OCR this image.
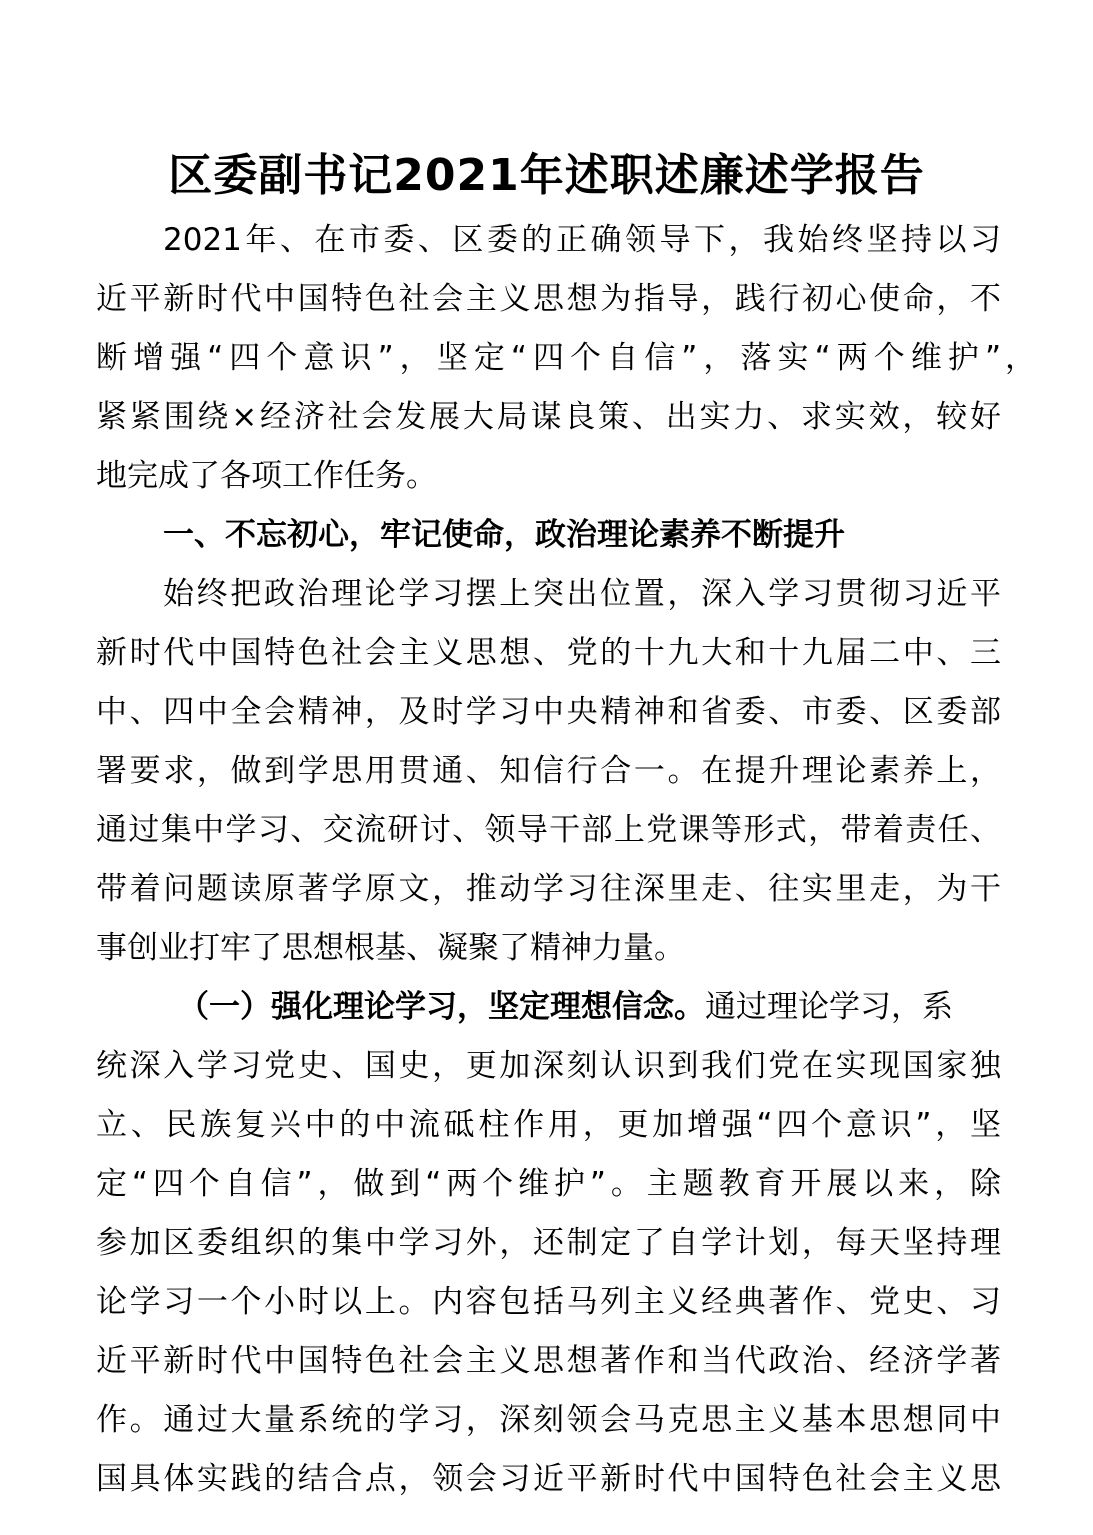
区委副书记2021年述职述廉述学报告
2021年、在市委、区委的正确领导下，我始终坚持以习
近平新时代中国特色社会主义思想为指导，践行初心使命，不
断增强“四个意识”，坚定“四个自信”，落实“两个维护” ，
紧紧围绕×经济社会发展大局谋良策、出实力、求实效，较好
地完成了各项工作任务。
一、不忘初心，牢记使命，政治理论素养不断提升
始终把政治理论学习摆上突出位置，深入学习贯彻习近平
新时代中国特色社会主义思想、党的十九大和十九届二中、三
中、四中全会精神，及时学习中央精神和省委、市委、区委部
署要求，做到学思用贯通、知信行合一。在提升理论素养上，
通过集中学习、交流研讨、领导干部上党课等形式，带着责任、
带着问题读原著学原文，推动学习往深里走、往实里走，为干
事创业打牢了思想根基、凝聚了精神力量。
（一）强化理论学习，坚定理想信念。通过理论学习，系
统深入学习党史、国史，更加深刻认识到我们党在实现国家独
立、民族复兴中的中流砥柱作用，更加增强“四个意识”，坚
定“四个自信”，做到“两个维护”。主题教育开展以来，除
参加区委组织的集中学习外，还制定了自学计划，每天坚持理
论学习一个小时以上。内容包括马列主义经典著作、党史、习
近平新时代中国特色社会主义思想著作和当代政治、经济学著
作。通过大量系统的学习，深刻领会马克思主义基本思想同中
国具体实践的结合点，领会习近平新时代中国特色社会主义思
